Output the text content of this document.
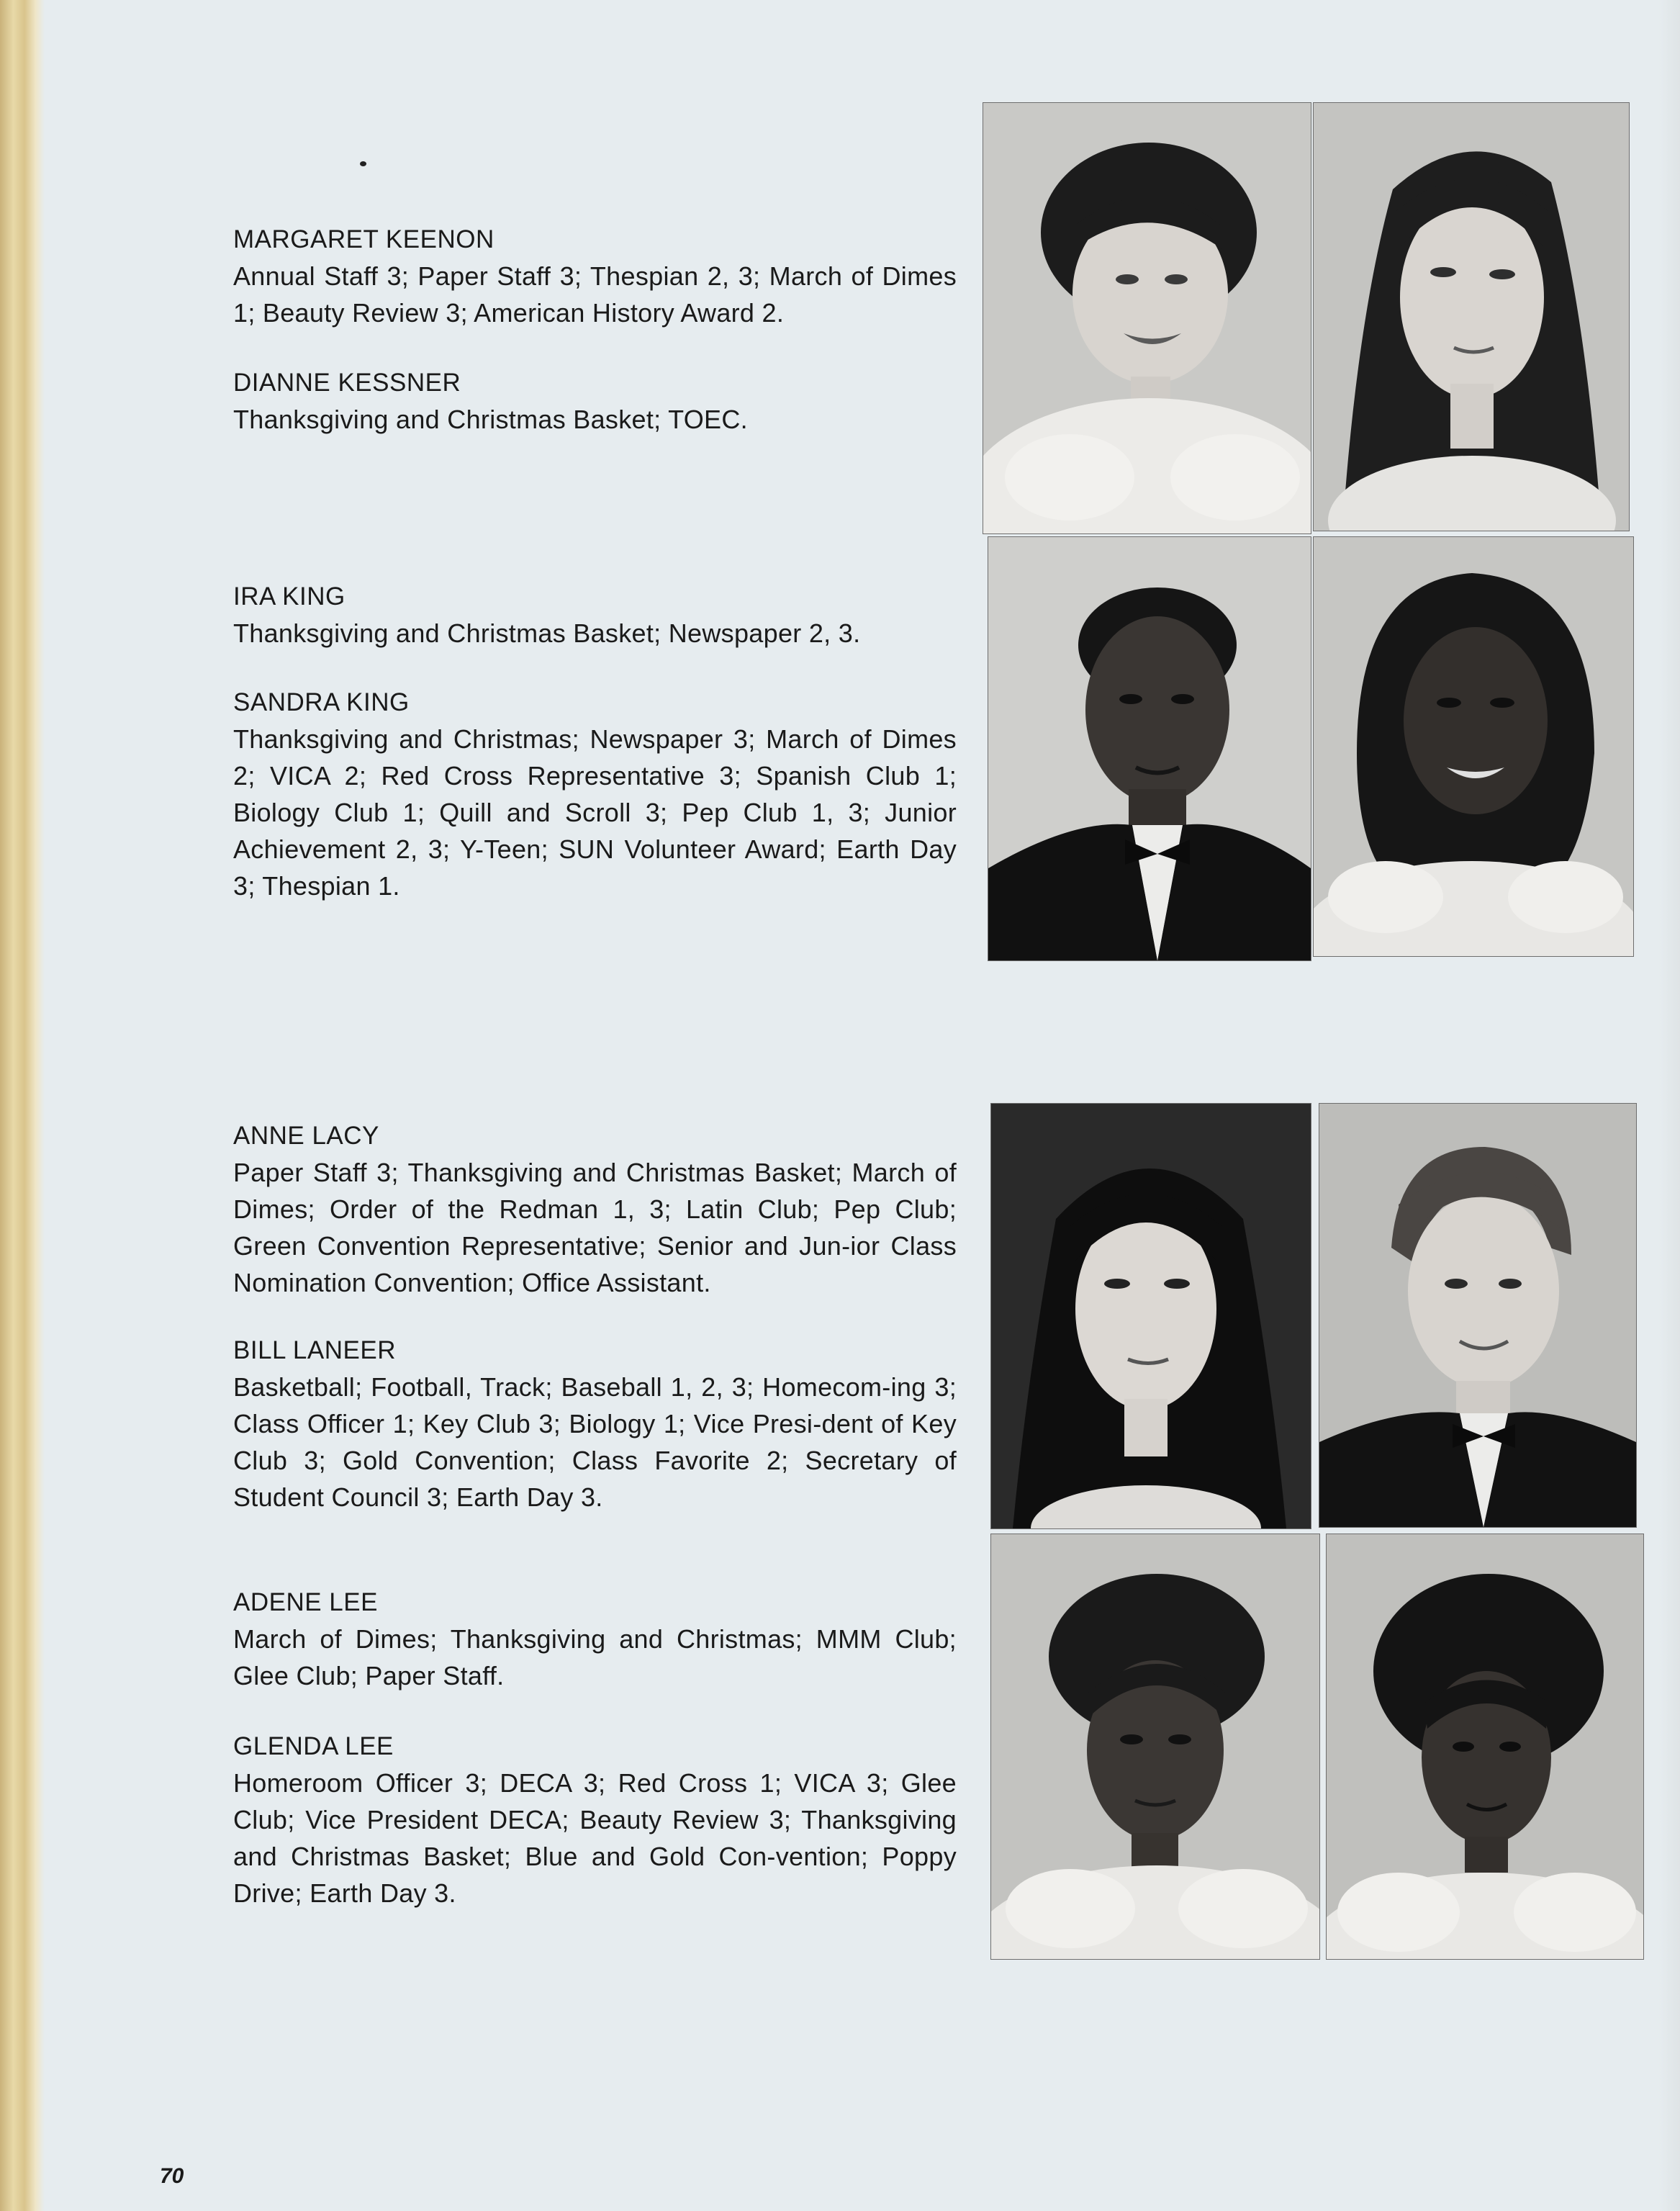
MARGARET KEENON
Annual Staff 3; Paper Staff 3; Thespian 2, 3; March of Dimes 1; Beauty Review 3; American History Award 2.
DIANNE KESSNER
Thanksgiving and Christmas Basket; TOEC.
IRA KING
Thanksgiving and Christmas Basket; Newspaper 2, 3.
SANDRA KING
Thanksgiving and Christmas; Newspaper 3; March of Dimes 2; VICA 2; Red Cross Representative 3; Spanish Club 1; Biology Club 1; Quill and Scroll 3; Pep Club 1, 3; Junior Achievement 2, 3; Y-Teen; SUN Volunteer Award; Earth Day 3; Thespian 1.
ANNE LACY
Paper Staff 3; Thanksgiving and Christmas Basket; March of Dimes; Order of the Redman 1, 3; Latin Club; Pep Club; Green Convention Representative; Senior and Jun-ior Class Nomination Convention; Office Assistant.
BILL LANEER
Basketball; Football, Track; Baseball 1, 2, 3; Homecom-ing 3; Class Officer 1; Key Club 3; Biology 1; Vice Presi-dent of Key Club 3; Gold Convention; Class Favorite 2; Secretary of Student Council 3; Earth Day 3.
ADENE LEE
March of Dimes; Thanksgiving and Christmas; MMM Club; Glee Club; Paper Staff.
GLENDA LEE
Homeroom Officer 3; DECA 3; Red Cross 1; VICA 3; Glee Club; Vice President DECA; Beauty Review 3; Thanksgiving and Christmas Basket; Blue and Gold Con-vention; Poppy Drive; Earth Day 3.
70
